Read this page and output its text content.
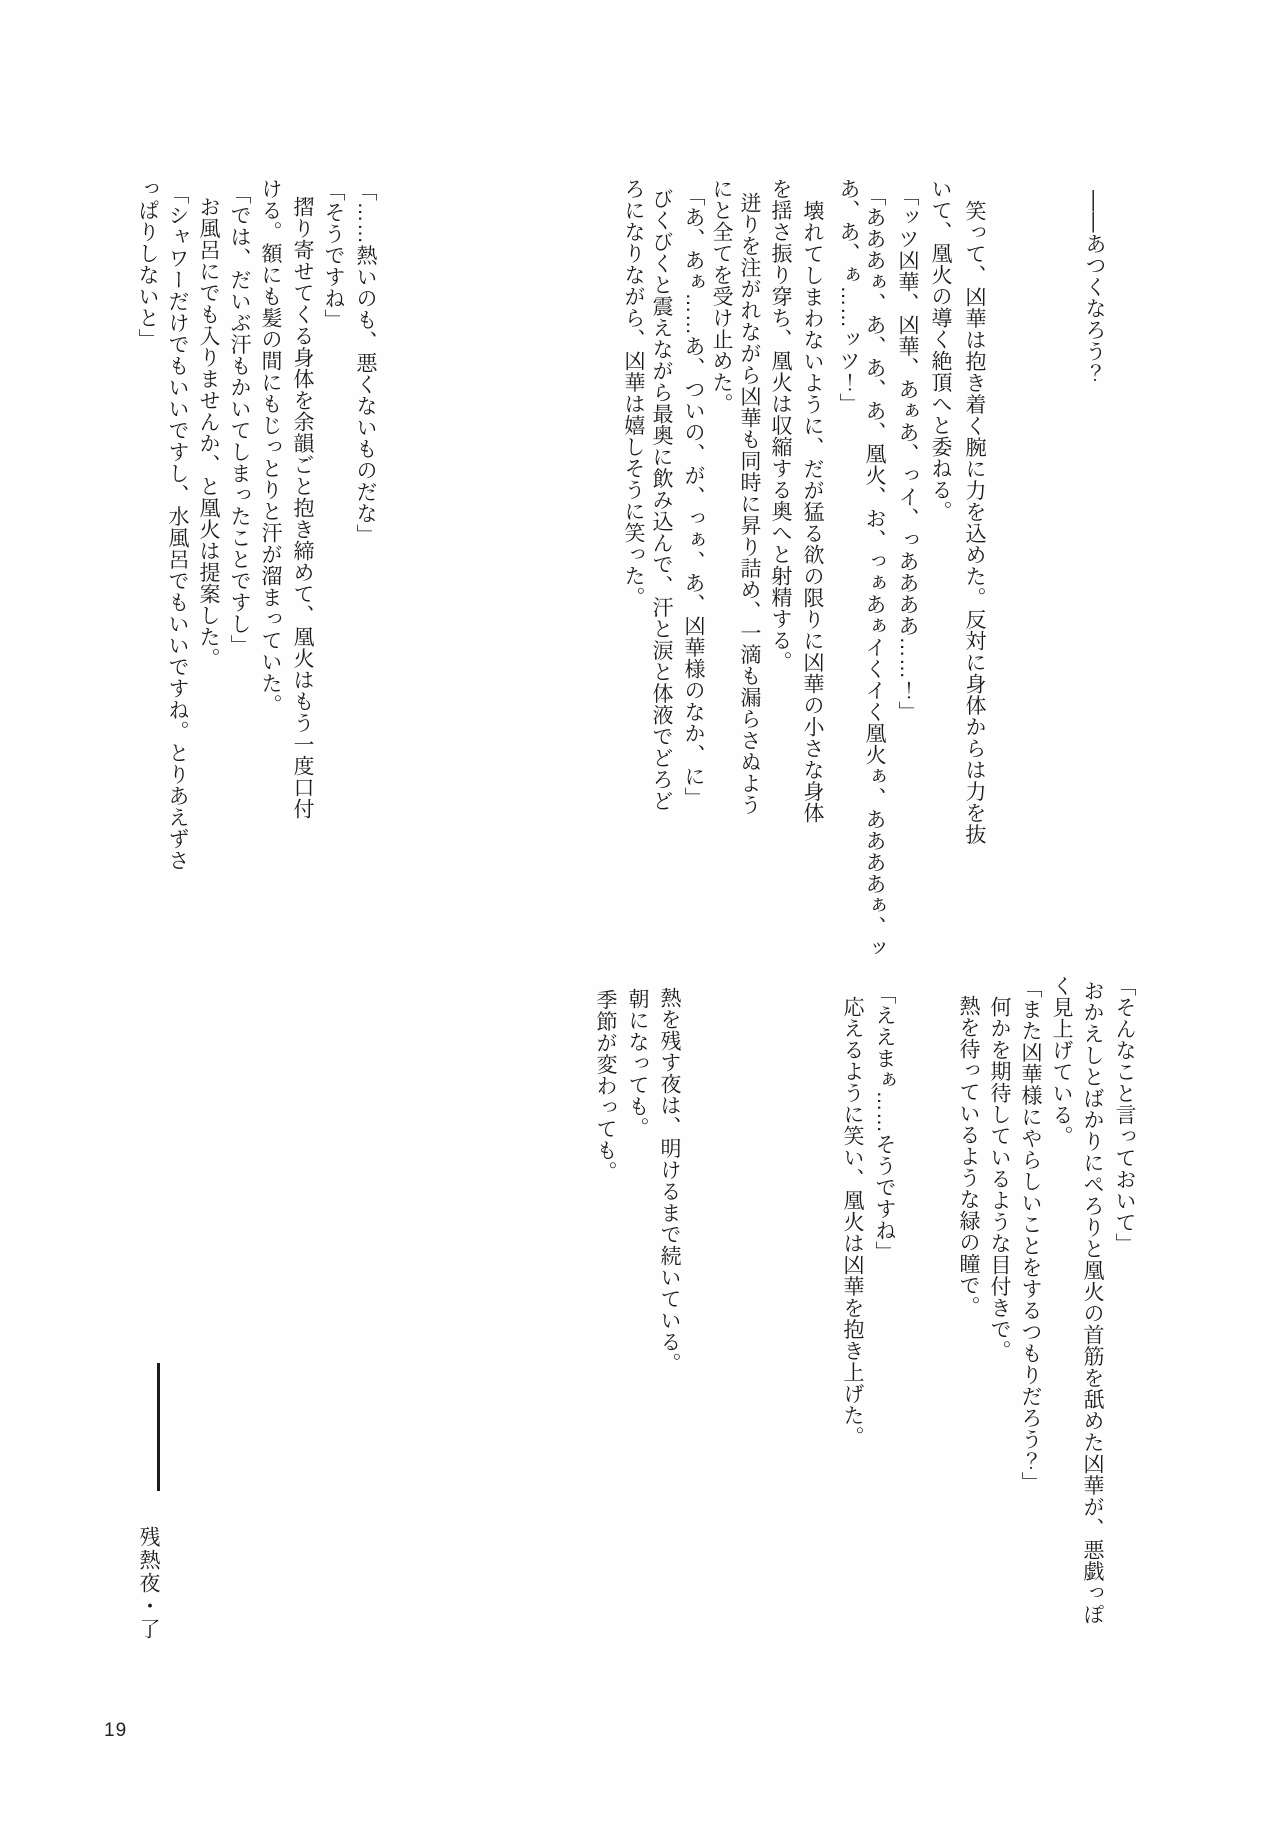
――あつくなろう？
笑って、凶華は抱き着く腕に力を込めた。反対に身体からは力を抜
いて、凰火の導く絶頂へと委ねる。
「ッツ凶華、凶華、あぁあ、っイ、っああああ……！」
「あああぁ、あ、あ、あ、凰火、お、っぁあぁイくイく凰火ぁ、ああああぁ、ッ
あ、あ、ぁ……ッツ！」
壊れてしまわないように、だが猛る欲の限りに凶華の小さな身体
を揺さ振り穿ち、凰火は収縮する奥へと射精する。
迸りを注がれながら凶華も同時に昇り詰め、一滴も漏らさぬよう
にと全てを受け止めた。
「あ、あぁ……あ、ついの、が、っぁ、あ、凶華様のなか、に」
びくびくと震えながら最奥に飲み込んで、汗と涙と体液でどろど
ろになりながら、凶華は嬉しそうに笑った。
「……熱いのも、悪くないものだな」
「そうですね」
摺り寄せてくる身体を余韻ごと抱き締めて、凰火はもう一度口付
ける。額にも髪の間にもじっとりと汗が溜まっていた。
「では、だいぶ汗もかいてしまったことですし」
お風呂にでも入りませんか、と凰火は提案した。
「シャワーだけでもいいですし、水風呂でもいいですね。とりあえずさ
っぱりしないと」
「そんなこと言っておいて」
おかえしとばかりにぺろりと凰火の首筋を舐めた凶華が、悪戯っぽ
く見上げている。
「また凶華様にやらしいことをするつもりだろう？」
何かを期待しているような目付きで。
熱を待っているような緑の瞳で。
「ええまぁ……そうですね」
応えるように笑い、凰火は凶華を抱き上げた。
熱を残す夜は、明けるまで続いている。
朝になっても。
季節が変わっても。
残熱夜・了
19
